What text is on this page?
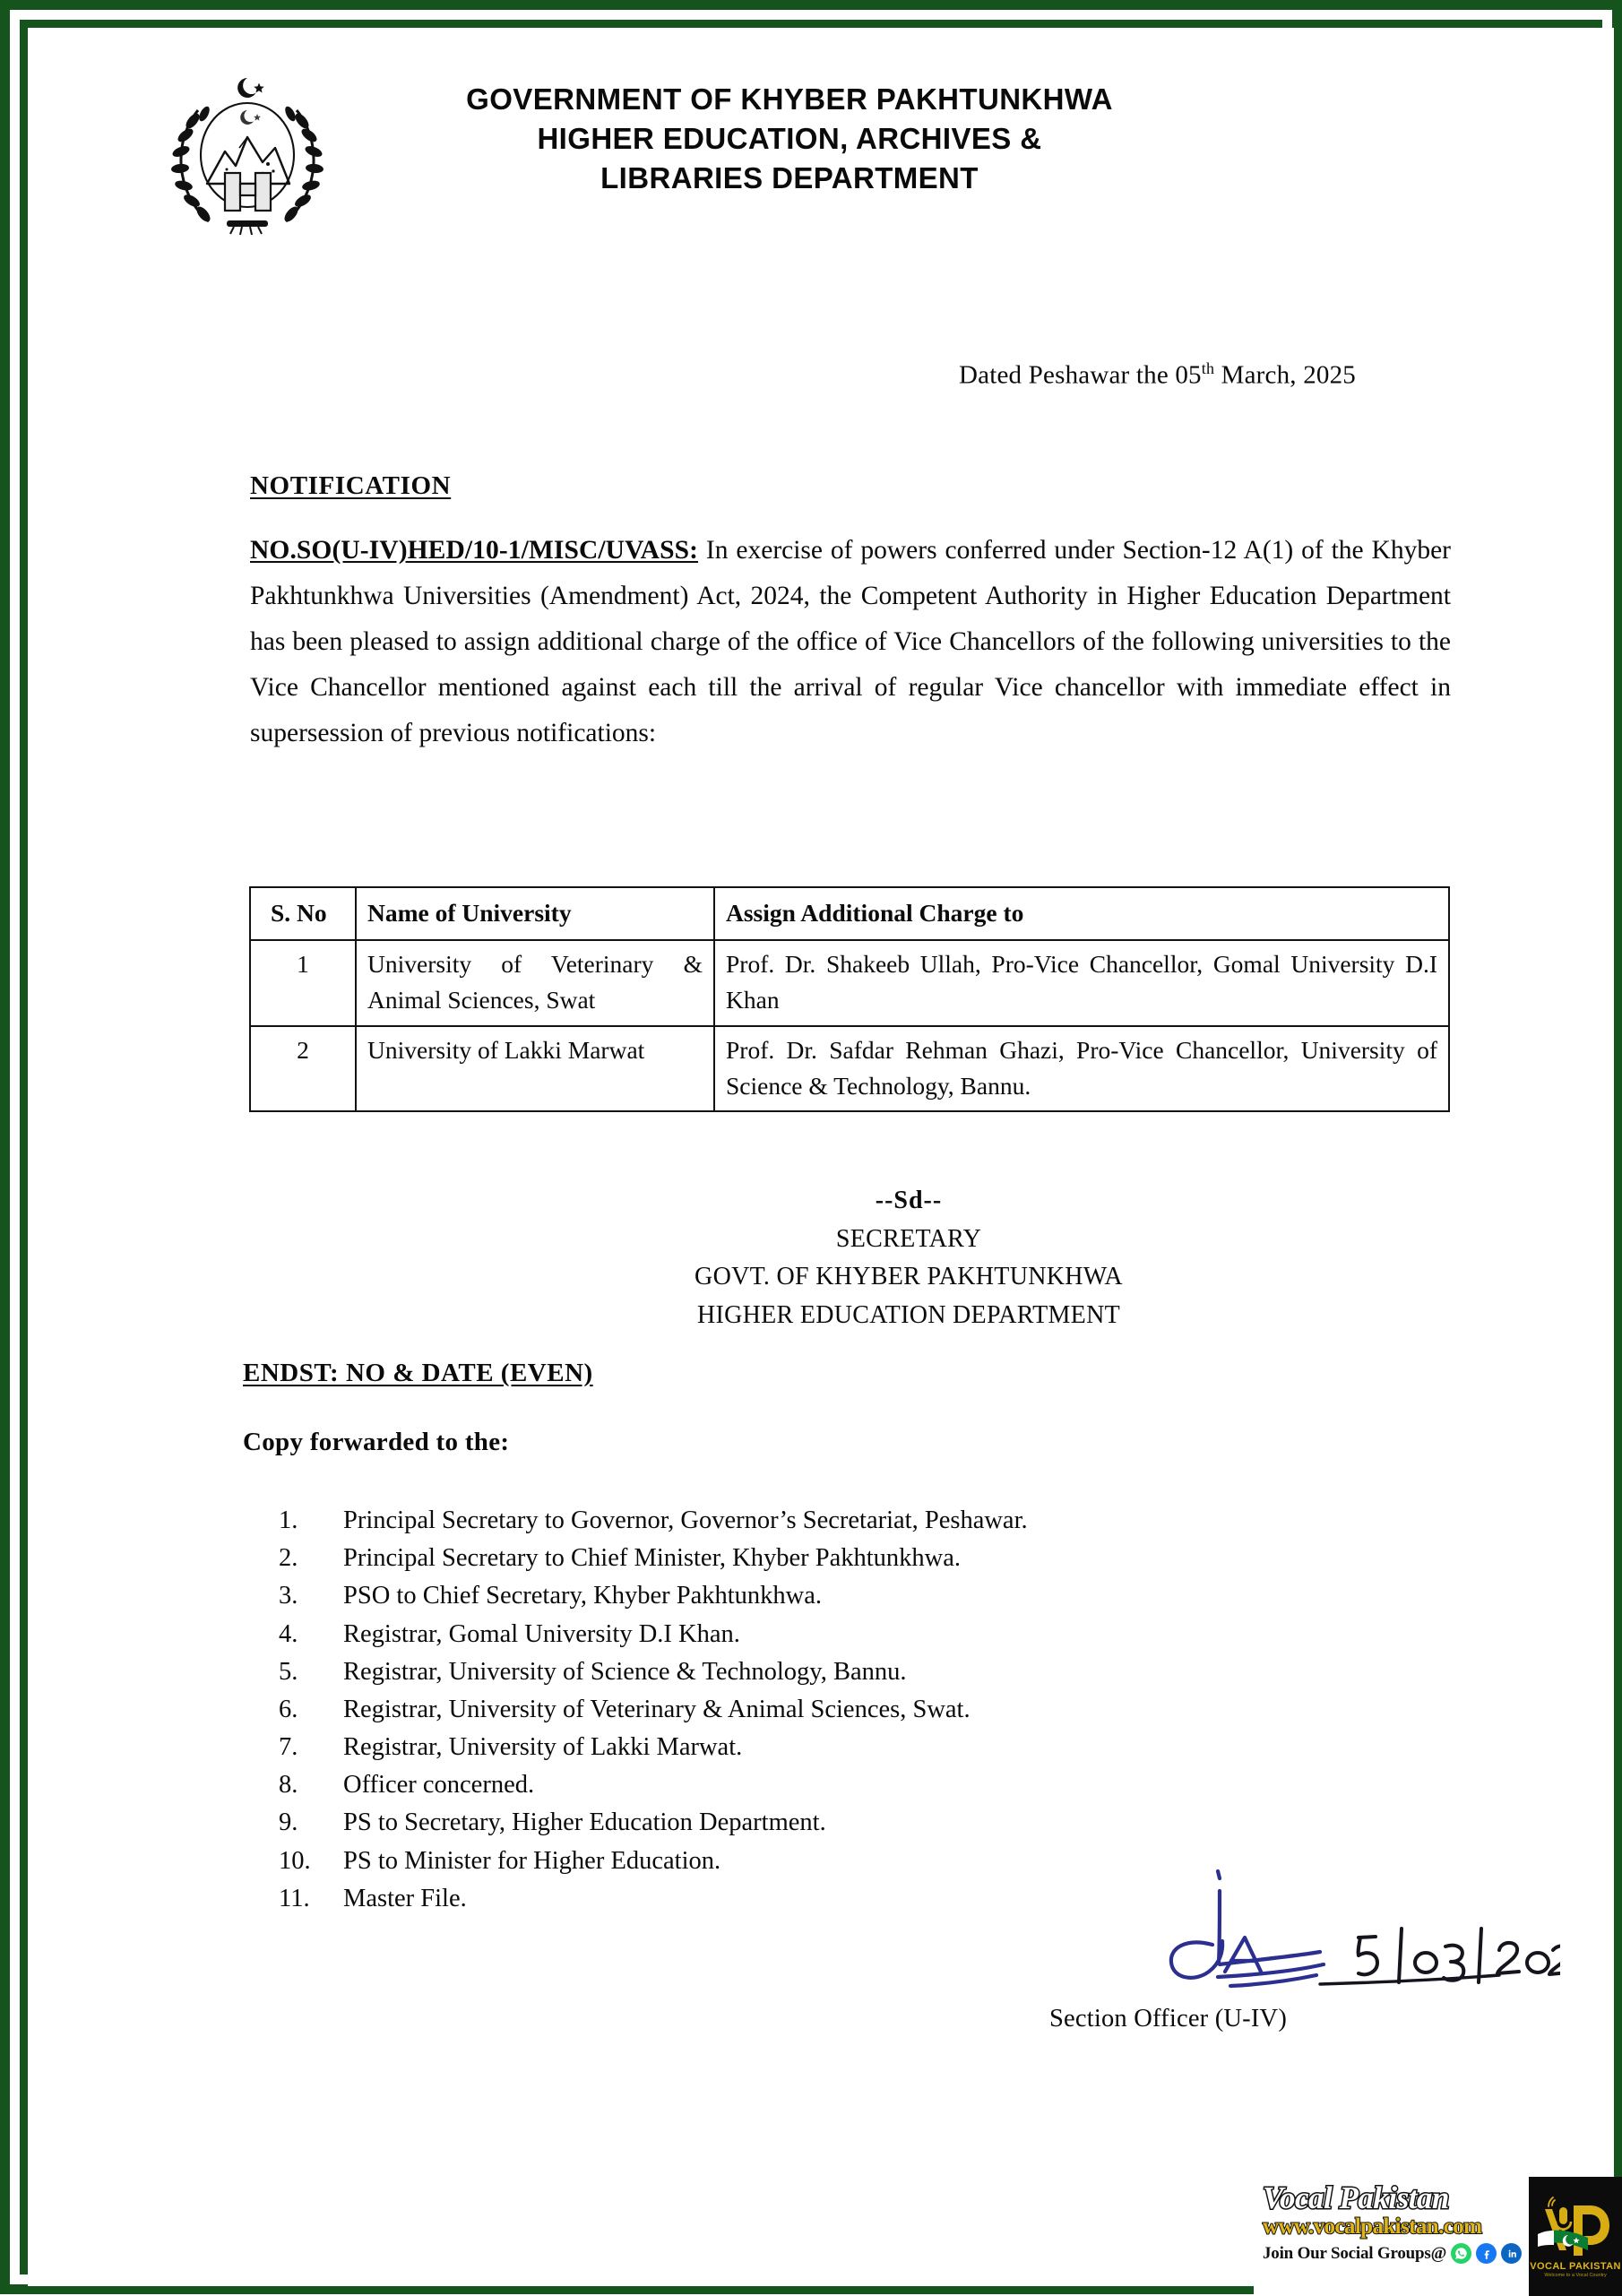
GOVERNMENT OF KHYBER PAKHTUNKHWA
HIGHER EDUCATION, ARCHIVES &
LIBRARIES DEPARTMENT
Dated Peshawar the 05th March, 2025
NOTIFICATION
NO.SO(U-IV)HED/10-1/MISC/UVASS: In exercise of powers conferred under Section-12 A(1) of the Khyber Pakhtunkhwa Universities (Amendment) Act, 2024, the Competent Authority in Higher Education Department has been pleased to assign additional charge of the office of Vice Chancellors of the following universities to the Vice Chancellor mentioned against each till the arrival of regular Vice chancellor with immediate effect in supersession of previous notifications:
S. No	Name of University	Assign Additional Charge to
1	University of Veterinary & Animal Sciences, Swat	Prof. Dr. Shakeeb Ullah, Pro-Vice Chancellor, Gomal University D.I Khan
2	University of Lakki Marwat	Prof. Dr. Safdar Rehman Ghazi, Pro-Vice Chancellor, University of Science & Technology, Bannu.
--Sd--
SECRETARY
GOVT. OF KHYBER PAKHTUNKHWA
HIGHER EDUCATION DEPARTMENT
ENDST: NO & DATE (EVEN)
Copy forwarded to the:
1.	Principal Secretary to Governor, Governor’s Secretariat, Peshawar.
2.	Principal Secretary to Chief Minister, Khyber Pakhtunkhwa.
3.	PSO to Chief Secretary, Khyber Pakhtunkhwa.
4.	Registrar, Gomal University D.I Khan.
5.	Registrar, University of Science & Technology, Bannu.
6.	Registrar, University of Veterinary & Animal Sciences, Swat.
7.	Registrar, University of Lakki Marwat.
8.	Officer concerned.
9.	PS to Secretary, Higher Education Department.
10.	PS to Minister for Higher Education.
11.	Master File.
Section Officer (U-IV)
Vocal Pakistan
www.vocalpakistan.com
Join Our Social Groups@
VOCAL PAKISTAN
Welcome to a Vocal Country
